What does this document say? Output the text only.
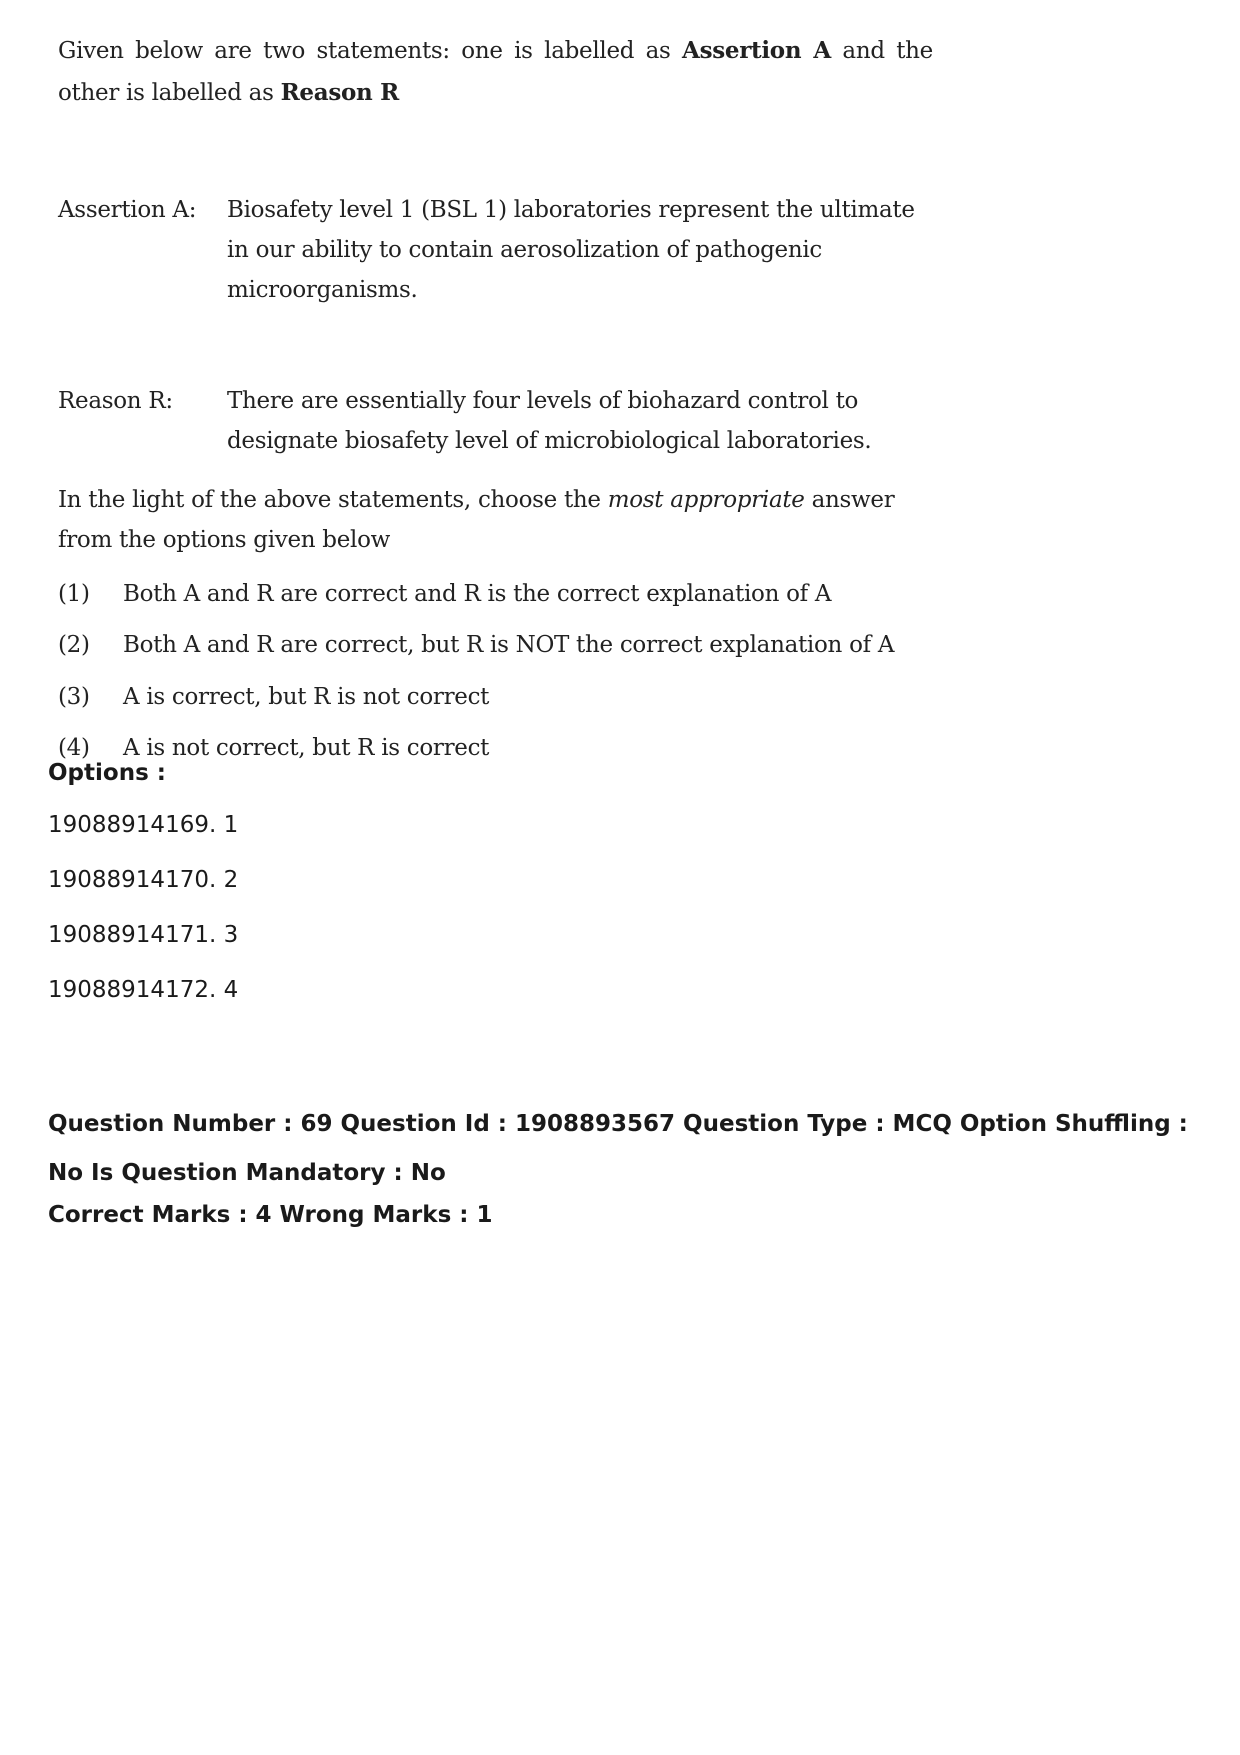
Given below are two statements: one is labelled as Assertion A and the other is labelled as Reason R
Assertion A:	Biosafety level 1 (BSL 1) laboratories represent the ultimate in our ability to contain aerosolization of pathogenic microorganisms.
Reason R:	There are essentially four levels of biohazard control to designate biosafety level of microbiological laboratories.
In the light of the above statements, choose the most appropriate answer from the options given below
(1)	Both A and R are correct and R is the correct explanation of A
(2)	Both A and R are correct, but R is NOT the correct explanation of A
(3)	A is correct, but R is not correct
(4)	A is not correct, but R is correct
Options :
19088914169. 1
19088914170. 2
19088914171. 3
19088914172. 4
Question Number : 69 Question Id : 1908893567 Question Type : MCQ Option Shuffling : No Is Question Mandatory : No
Correct Marks : 4 Wrong Marks : 1
